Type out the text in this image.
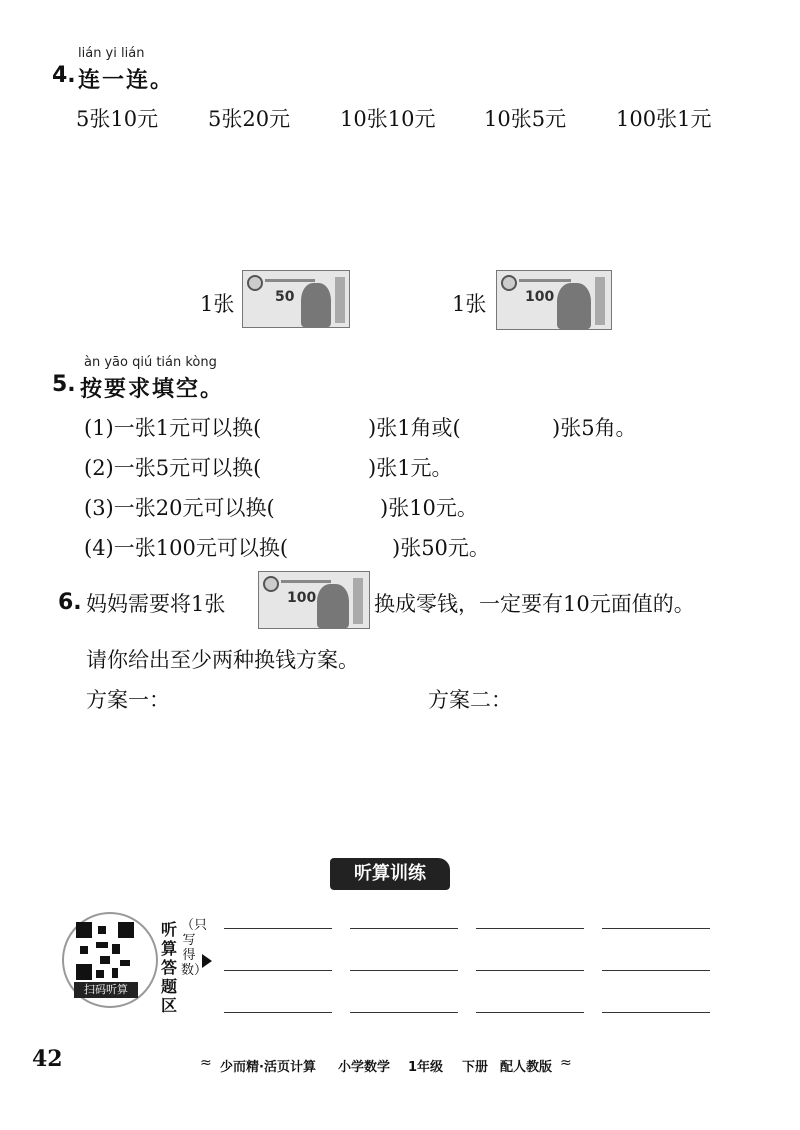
lián yi lián
4. 连一连。
5张10元 5张20元 10张10元 10张5元 100张1元
1张	50	1张	100
àn yāo qiú tián kòng
5. 按要求填空。
(1)一张1元可以换(	)张1角或(	)张5角。
(2)一张5元可以换(	)张1元。
(3)一张20元可以换(	)张10元。
(4)一张100元可以换(	)张50元。
6. 妈妈需要将1张	100	换成零钱，一定要有10元面值的。
请你给出至少两种换钱方案。
方案一：	方案二：
听算训练
扫码听算
听算答题区
（只写得数）
42	≈ 少而精·活页计算 小学数学 1年级 下册 配人教版 ≈
